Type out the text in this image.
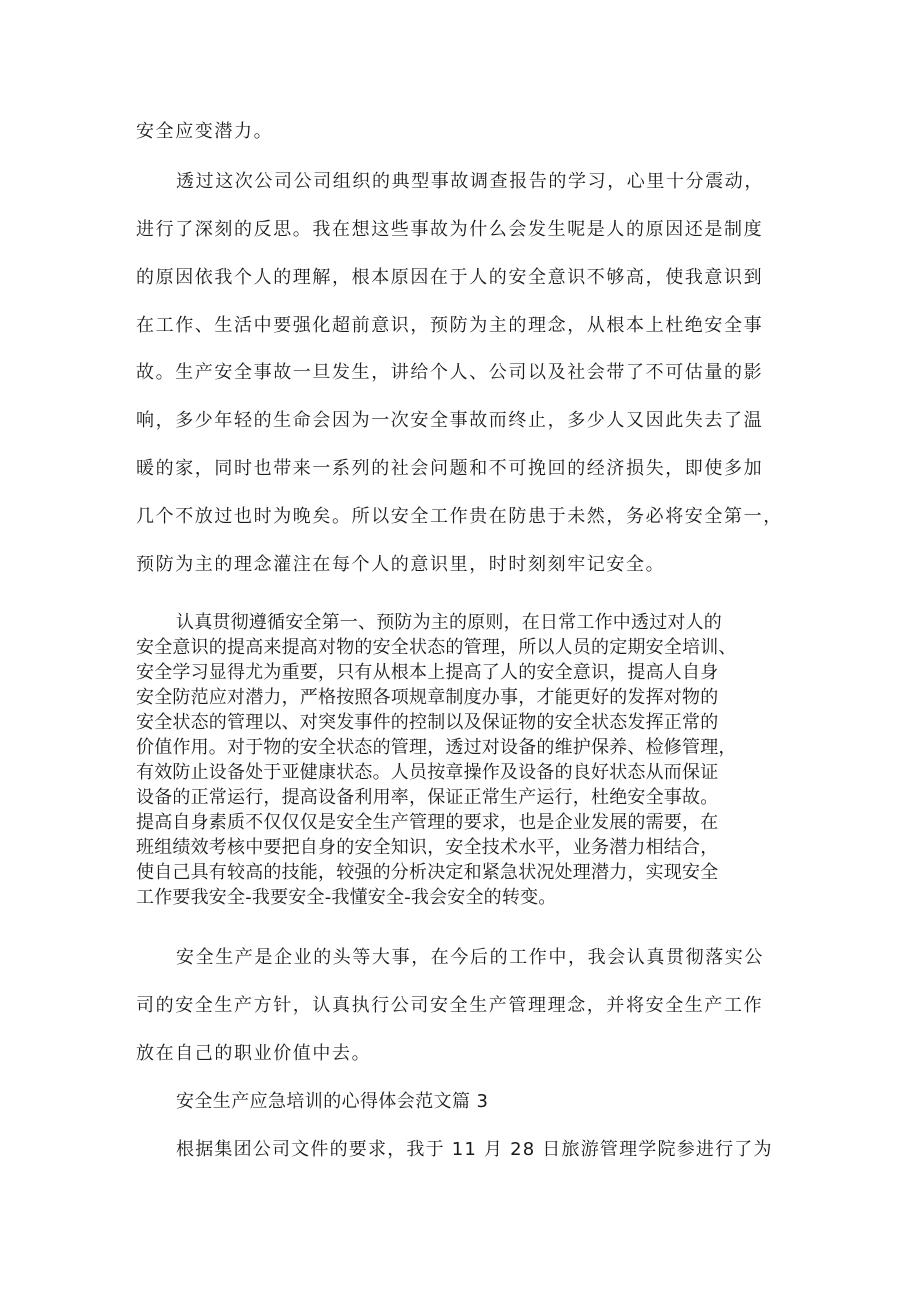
安全应变潜力。
透过这次公司公司组织的典型事故调查报告的学习，心里十分震动，
进行了深刻的反思。我在想这些事故为什么会发生呢是人的原因还是制度
的原因依我个人的理解，根本原因在于人的安全意识不够高，使我意识到
在工作、生活中要强化超前意识，预防为主的理念，从根本上杜绝安全事
故。生产安全事故一旦发生，讲给个人、公司以及社会带了不可估量的影
响，多少年轻的生命会因为一次安全事故而终止，多少人又因此失去了温
暖的家，同时也带来一系列的社会问题和不可挽回的经济损失，即使多加
几个不放过也时为晚矣。所以安全工作贵在防患于未然，务必将安全第一，
预防为主的理念灌注在每个人的意识里，时时刻刻牢记安全。
认真贯彻遵循安全第一、预防为主的原则，在日常工作中透过对人的
安全意识的提高来提高对物的安全状态的管理，所以人员的定期安全培训、
安全学习显得尤为重要，只有从根本上提高了人的安全意识，提高人自身
安全防范应对潜力，严格按照各项规章制度办事，才能更好的发挥对物的
安全状态的管理以、对突发事件的控制以及保证物的安全状态发挥正常的
价值作用。对于物的安全状态的管理，透过对设备的维护保养、检修管理，
有效防止设备处于亚健康状态。人员按章操作及设备的良好状态从而保证
设备的正常运行，提高设备利用率，保证正常生产运行，杜绝安全事故。
提高自身素质不仅仅仅是安全生产管理的要求，也是企业发展的需要，在
班组绩效考核中要把自身的安全知识，安全技术水平，业务潜力相结合，
使自己具有较高的技能，较强的分析决定和紧急状况处理潜力，实现安全
工作要我安全-我要安全-我懂安全-我会安全的转变。
安全生产是企业的头等大事，在今后的工作中，我会认真贯彻落实公
司的安全生产方针，认真执行公司安全生产管理理念，并将安全生产工作
放在自己的职业价值中去。
安全生产应急培训的心得体会范文篇 3
根据集团公司文件的要求，我于 11 月 28 日旅游管理学院参进行了为
